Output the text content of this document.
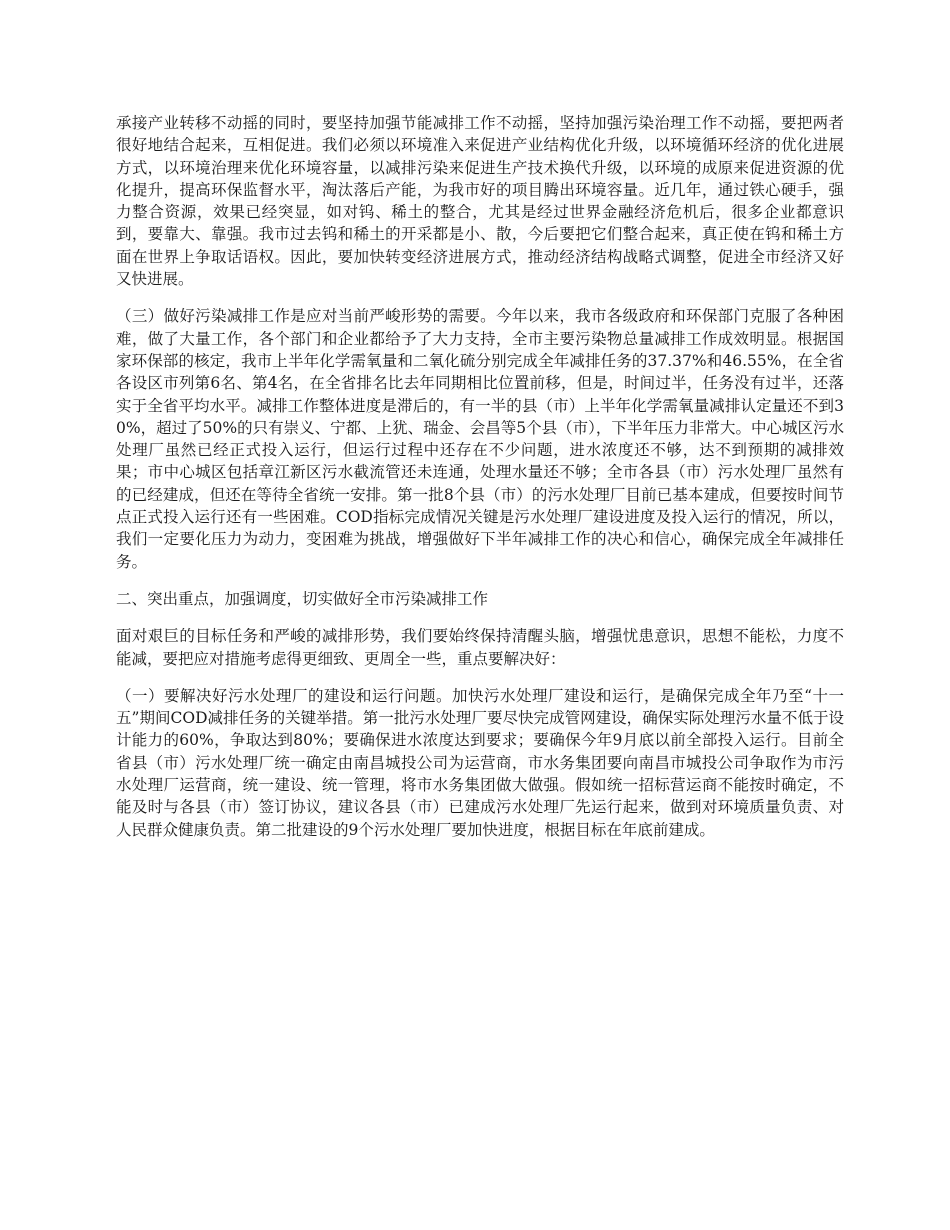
承接产业转移不动摇的同时，要坚持加强节能减排工作不动摇，坚持加强污染治理工作不动摇，要把两者很好地结合起来，互相促进。我们必须以环境准入来促进产业结构优化升级，以环境循环经济的优化进展方式，以环境治理来优化环境容量，以减排污染来促进生产技术换代升级，以环境的成原来促进资源的优化提升，提高环保监督水平，淘汰落后产能，为我市好的项目腾出环境容量。近几年，通过铁心硬手，强力整合资源，效果已经突显，如对钨、稀土的整合，尤其是经过世界金融经济危机后，很多企业都意识到，要靠大、靠强。我市过去钨和稀土的开采都是小、散，今后要把它们整合起来，真正使在钨和稀土方面在世界上争取话语权。因此，要加快转变经济进展方式，推动经济结构战略式调整，促进全市经济又好又快进展。

（三）做好污染减排工作是应对当前严峻形势的需要。今年以来，我市各级政府和环保部门克服了各种困难，做了大量工作，各个部门和企业都给予了大力支持，全市主要污染物总量减排工作成效明显。根据国家环保部的核定，我市上半年化学需氧量和二氧化硫分别完成全年减排任务的37.37%和46.55%，在全省各设区市列第6名、第4名，在全省排名比去年同期相比位置前移，但是，时间过半，任务没有过半，还落实于全省平均水平。减排工作整体进度是滞后的，有一半的县（市）上半年化学需氧量减排认定量还不到30%，超过了50%的只有崇义、宁都、上犹、瑞金、会昌等5个县（市），下半年压力非常大。中心城区污水处理厂虽然已经正式投入运行，但运行过程中还存在不少问题，进水浓度还不够，达不到预期的减排效果；市中心城区包括章江新区污水截流管还未连通，处理水量还不够；全市各县（市）污水处理厂虽然有的已经建成，但还在等待全省统一安排。第一批8个县（市）的污水处理厂目前已基本建成，但要按时间节点正式投入运行还有一些困难。COD指标完成情况关键是污水处理厂建设进度及投入运行的情况，所以，我们一定要化压力为动力，变困难为挑战，增强做好下半年减排工作的决心和信心，确保完成全年减排任务。

二、突出重点，加强调度，切实做好全市污染减排工作

面对艰巨的目标任务和严峻的减排形势，我们要始终保持清醒头脑，增强忧患意识，思想不能松，力度不能减，要把应对措施考虑得更细致、更周全一些，重点要解决好：

（一）要解决好污水处理厂的建设和运行问题。加快污水处理厂建设和运行，是确保完成全年乃至“十一五”期间COD减排任务的关键举措。第一批污水处理厂要尽快完成管网建设，确保实际处理污水量不低于设计能力的60%，争取达到80%；要确保进水浓度达到要求；要确保今年9月底以前全部投入运行。目前全省县（市）污水处理厂统一确定由南昌城投公司为运营商，市水务集团要向南昌市城投公司争取作为市污水处理厂运营商，统一建设、统一管理，将市水务集团做大做强。假如统一招标营运商不能按时确定，不能及时与各县（市）签订协议，建议各县（市）已建成污水处理厂先运行起来，做到对环境质量负责、对人民群众健康负责。第二批建设的9个污水处理厂要加快进度，根据目标在年底前建成。
